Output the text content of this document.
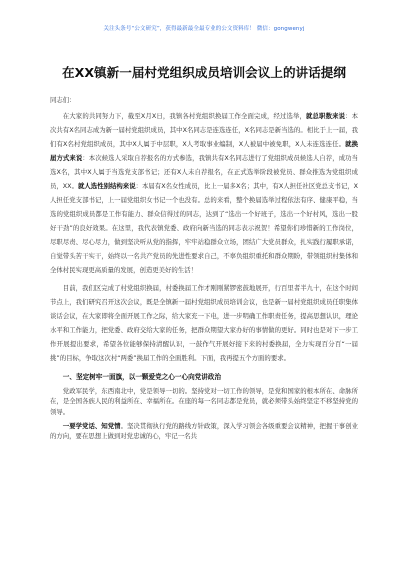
关注头条号“公文研究”，获得最新最全最专业的公文资料库！ 微信：gongwenyj
在XX镇新一届村党组织成员培训会议上的讲话提纲
同志们：
在大家的共同努力下，截至X月X日，我镇各村党组织换届工作全面完成，经过选举，就总职数来说：本次共有X名同志成为新一届村党组织成员，其中X名同志是连选连任，X名同志是新当选的。相比于上一届，我们有X名村党组织成员，其中X人属于中层职，X人考取事业编制，X人被届中被免职，X人未连选连任。就换届方式来说：本次候选人采取自荐报名的方式参选，我镇共有X名同志进行了党组织成员候选人自荐，成功当选X名，其中X人属于当选党支部书记；还有X人未自荐报名，在正式选举阶段被党员、群众推选为党组织成员，XX。就人选性别结构来说：本届有X名女性成员，比上一届多X名；其中，有X人担任社区党总支书记，X人担任党支部书记，上一届党组织女书记一个也没有。总的来看，整个换届选举过程依法有序、健康平稳，当选的党组织成员都是工作有能力、群众信得过的同志，达到了“选出一个好班子，选出一个好村风，选出一股好干劲”的良好效果。在这里，我代表镇党委、政府向新当选的同志表示祝贺！希望你们珍惜新的工作岗位，尽职尽责、尽心尽力，做到坚决听从党的指挥，牢牢站稳群众立场，团结广大党员群众，扎实践行履职承诺，自觉带头苦干实干，始终以一名共产党员的先进性要求自己，不辜负组织重托和群众期盼，带领组织村集体和全体村民实现更高质量的发展，创造更美好的生活！
目前，我们区完成了村党组织换届，村委换届工作才刚刚紧锣密鼓地展开，行百里者半九十，在这个时间节点上，我们研究召开这次会议，既是全镇新一届村党组织成员培训会议，也是新一届村党组织成员任职集体谈话会议，在大家即将全面开展工作之际，给大家充一下电，进一步明确工作职责任务，提高思想认识，理论水平和工作能力，把党委、政府交给大家的任务，把群众期望大家办好的事情做的更好。同时也是对下一步工作开展提出要求，希望各位能够保持清醒认识，一鼓作气开展好接下来的村委换届，全力实现百分百“一届挑”的目标，争取这次村“两委”换届工作的全面胜利。下面，我再提五个方面的要求。
一、坚定树牢一面旗，以一颗爱党之心一心向党讲政治
党政军民学，东西南北中，党是领导一切的。坚持党对一切工作的领导，是党和国家的根本所在、命脉所在，是全国各族人民的利益所在、幸福所在。在座的每一名同志都是党员，就必须带头始终坚定不移坚持党的领导。
一要学党话、知党情。坚决贯彻执行党的路线方针政策，深入学习领会各级重要会议精神，把握干事创业的方向，要在思想上做到对党忠诚的心，牢记一名共
